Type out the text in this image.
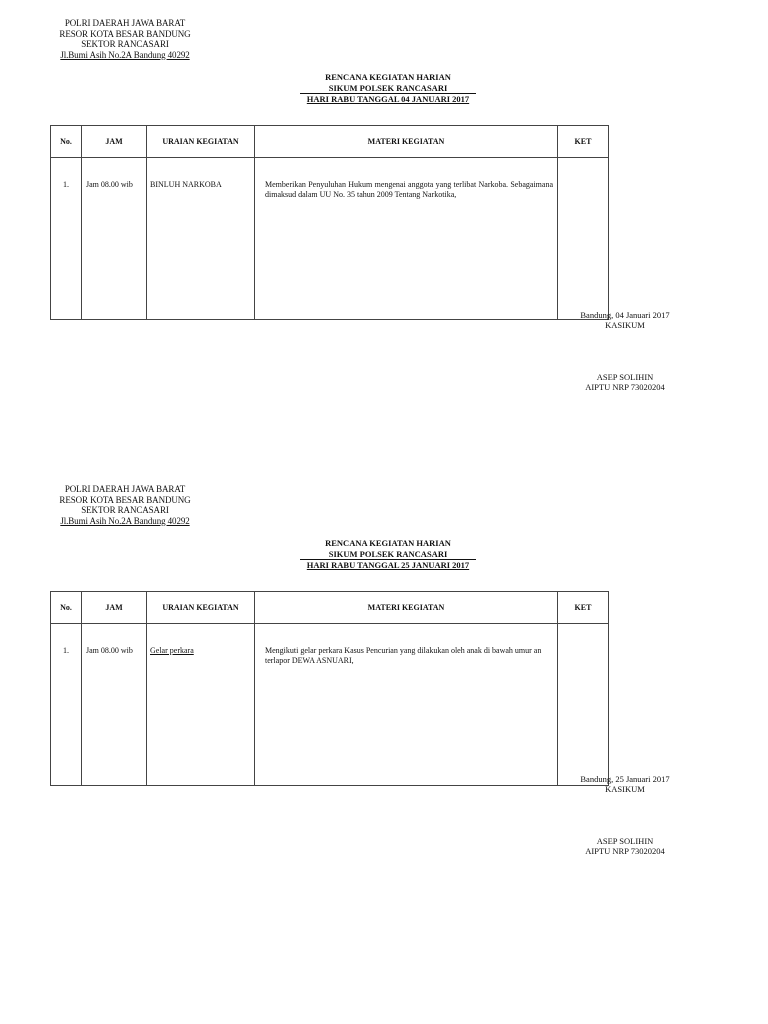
POLRI DAERAH JAWA BARAT
RESOR KOTA BESAR BANDUNG
SEKTOR RANCASARI
Jl.Bumi Asih No.2A Bandung 40292
RENCANA KEGIATAN HARIAN
SIKUM POLSEK RANCASARI
HARI RABU TANGGAL 04 JANUARI 2017
No.	JAM	URAIAN KEGIATAN	MATERI KEGIATAN	KET
1.	Jam 08.00 wib	BINLUH NARKOBA	Memberikan Penyuluhan Hukum mengenai anggota yang terlibat Narkoba. Sebagaimana dimaksud dalam UU No. 35 tahun 2009 Tentang Narkotika,	
Bandung, 04 Januari 2017
KASIKUM
ASEP SOLIHIN
AIPTU NRP 73020204
POLRI DAERAH JAWA BARAT
RESOR KOTA BESAR BANDUNG
SEKTOR RANCASARI
Jl.Bumi Asih No.2A Bandung 40292
RENCANA KEGIATAN HARIAN
SIKUM POLSEK RANCASARI
HARI RABU TANGGAL 25 JANUARI 2017
No.	JAM	URAIAN KEGIATAN	MATERI KEGIATAN	KET
1.	Jam 08.00 wib	Gelar perkara	Mengikuti gelar perkara Kasus Pencurian yang dilakukan oleh anak di bawah umur an terlapor DEWA ASNUARI,	
Bandung, 25 Januari 2017
KASIKUM
ASEP SOLIHIN
AIPTU NRP 73020204
